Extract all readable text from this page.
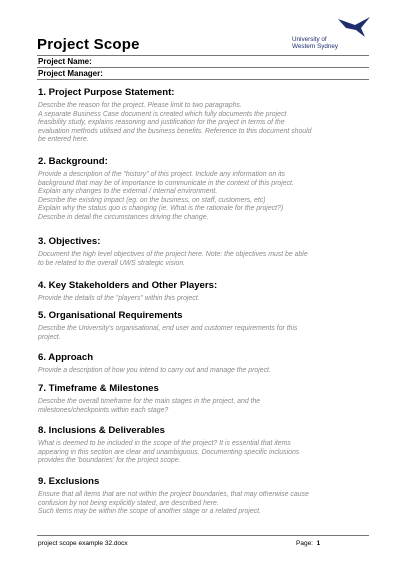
University of
Western Sydney
Project Scope
Project Name:
Project Manager:
1. Project Purpose Statement:
Describe the reason for the project. Please limit to two paragraphs.
A separate Business Case document is created which fully documents the project
feasibility study, explains reasoning and justification for the project in terms of the
evaluation methods utilised and the business benefits. Reference to this document should
be entered here.
2. Background:
Provide a description of the "history" of this project. Include any information on its
background that may be of importance to communicate in the context of this project.
Explain any changes to the external / internal environment.
Describe the existing impact (eg. on the business, on staff, customers, etc)
Explain why the status quo is changing (ie. What is the rationale for the project?)
Describe in detail the circumstances driving the change.
3. Objectives:
Document the high level objectives of the project here. Note: the objectives must be able
to be related to the overall UWS strategic vision.
4. Key Stakeholders and Other Players:
Provide the details of the "players" within this project.
5. Organisational Requirements
Describe the University's organisational, end user and customer requirements for this
project.
6. Approach
Provide a description of how you intend to carry out and manage the project.
7. Timeframe & Milestones
Describe the overall timeframe for the main stages in the project, and the
milestones/checkpoints within each stage?
8. Inclusions & Deliverables
What is deemed to be included in the scope of the project? It is essential that items
appearing in this section are clear and unambiguous. Documenting specific inclusions
provides the 'boundaries' for the project scope.
9. Exclusions
Ensure that all items that are not within the project boundaries, that may otherwise cause
confusion by not being explicitly stated, are described here.
Such items may be within the scope of another stage or a related project.
project scope example 32.docx	Page: 1
